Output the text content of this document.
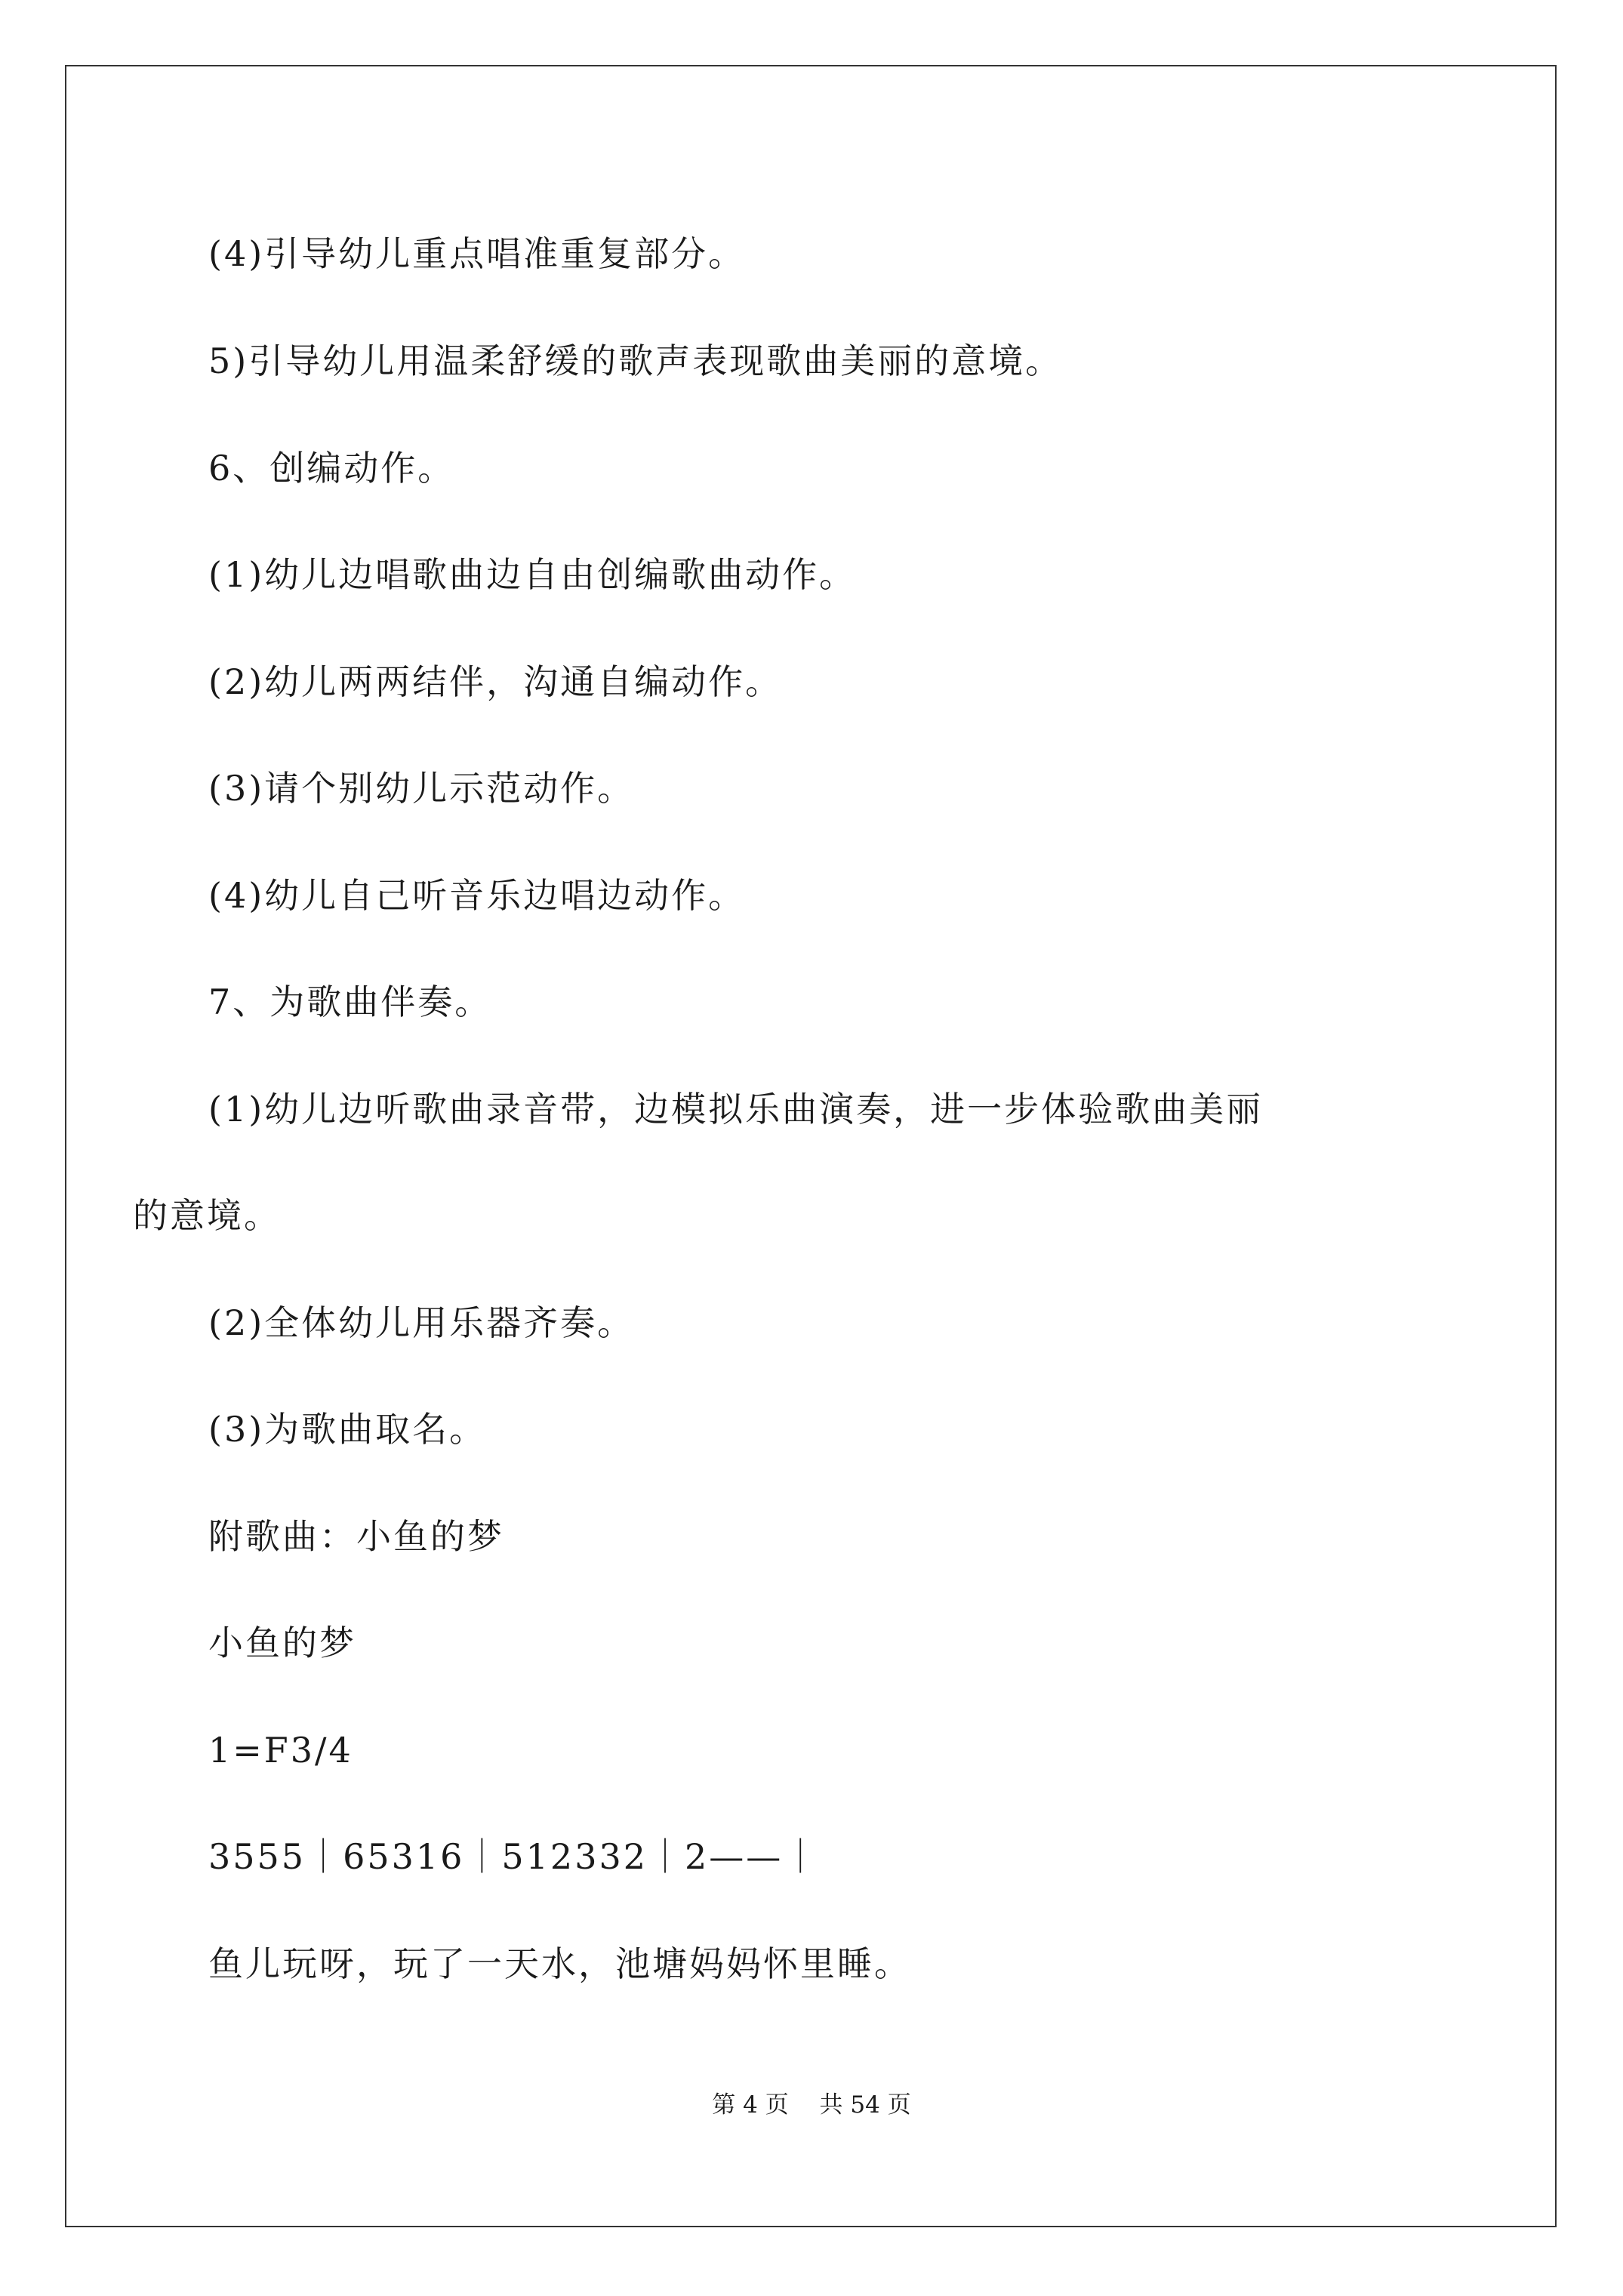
(4)引导幼儿重点唱准重复部分。
5)引导幼儿用温柔舒缓的歌声表现歌曲美丽的意境。
6、创编动作。
(1)幼儿边唱歌曲边自由创编歌曲动作。
(2)幼儿两两结伴，沟通自编动作。
(3)请个别幼儿示范动作。
(4)幼儿自己听音乐边唱边动作。
7、为歌曲伴奏。
(1)幼儿边听歌曲录音带，边模拟乐曲演奏，进一步体验歌曲美丽
的意境。
(2)全体幼儿用乐器齐奏。
(3)为歌曲取名。
附歌曲：小鱼的梦
小鱼的梦
1=F3/4
3555｜65316｜512332｜2——｜
鱼儿玩呀，玩了一天水，池塘妈妈怀里睡。
第 4 页　 共 54 页
